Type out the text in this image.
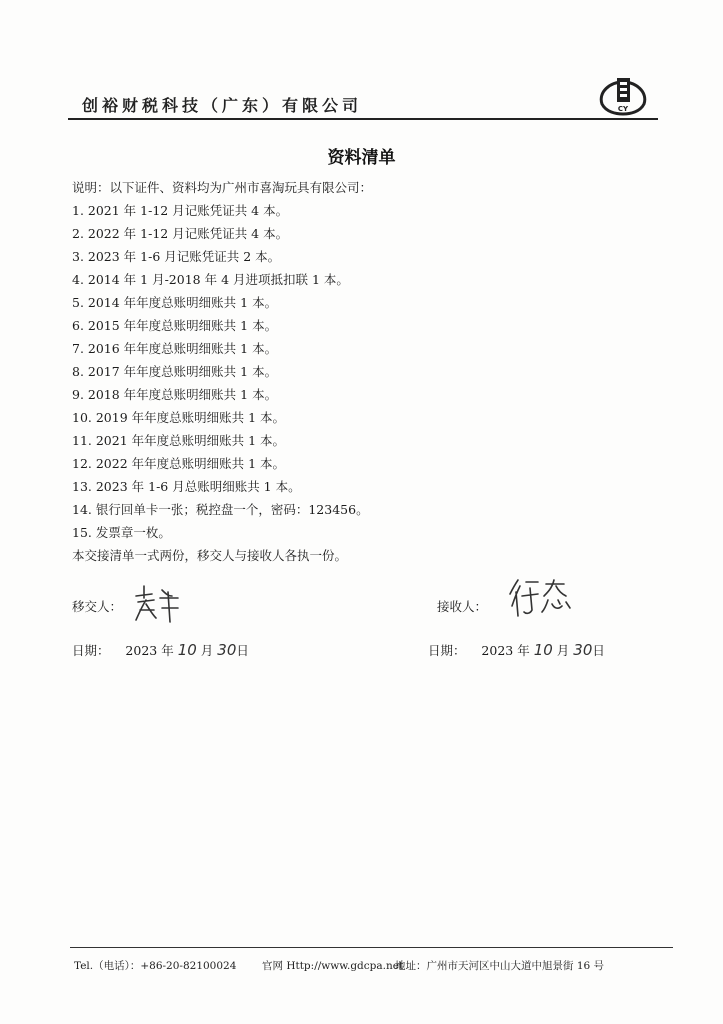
创裕财税科技（广东）有限公司	CY
资料清单
说明：以下证件、资料均为广州市喜淘玩具有限公司：
1. 2021 年 1-12 月记账凭证共 4 本。
2. 2022 年 1-12 月记账凭证共 4 本。
3. 2023 年 1-6 月记账凭证共 2 本。
4. 2014 年 1 月-2018 年 4 月进项抵扣联 1 本。
5. 2014 年年度总账明细账共 1 本。
6. 2015 年年度总账明细账共 1 本。
7. 2016 年年度总账明细账共 1 本。
8. 2017 年年度总账明细账共 1 本。
9. 2018 年年度总账明细账共 1 本。
10. 2019 年年度总账明细账共 1 本。
11. 2021 年年度总账明细账共 1 本。
12. 2022 年年度总账明细账共 1 本。
13. 2023 年 1-6 月总账明细账共 1 本。
14. 银行回单卡一张；税控盘一个，密码：123456。
15. 发票章一枚。
本交接清单一式两份，移交人与接收人各执一份。
移交人：	接收人：
日期： 2023 年 10 月 30日	日期： 2023 年 10 月 30日
Tel.（电话）：+86-20-82100024 官网 Http://www.gdcpa.net
地址：广州市天河区中山大道中旭景街 16 号
